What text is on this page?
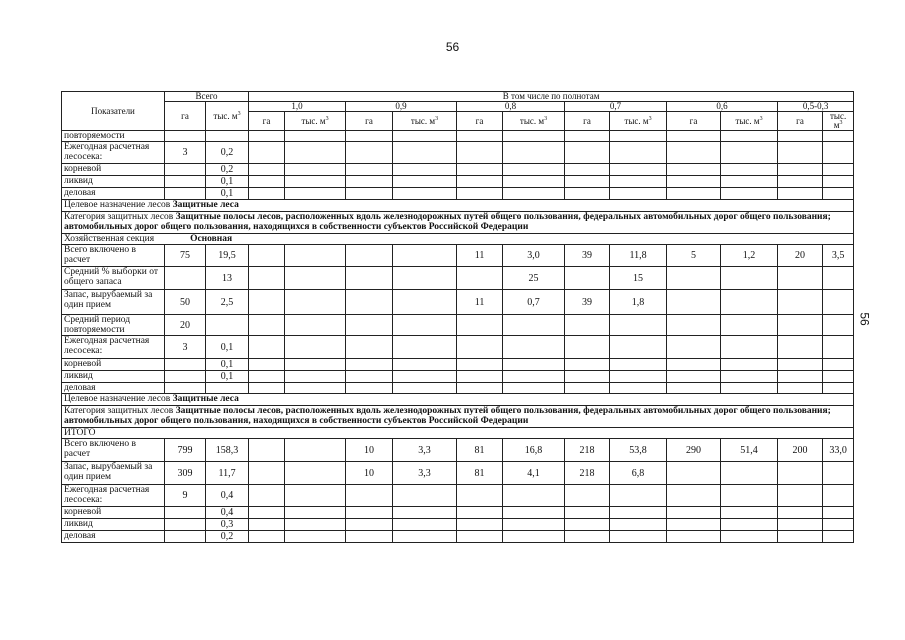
56
56
Показатели	Всего		В том числе по полнотам											
	га	тыс. $м^3$	1,0		0,9		0,8		0,7		0,6		0,5-0,3	
			га	тыс. $м^3$	га	тыс. $м^3$	га	тыс. $м^3$	га	тыс. $м^3$	га	тыс. $м^3$	га	тыс. $м^3$
повторяемости														
Ежегодная расчетная лесосека:	3	0,2												
корневой		0,2												
ликвид		0,1												
деловая		0,1												
Целевое назначение лесов Защитные леса														
Категория защитных лесов Защитные полосы лесов, расположенных вдоль железнодорожных путей общего пользования, федеральных автомобильных дорог общего пользования; автомобильных дорог общего пользования, находящихся в собственности субъектов Российской Федерации														
Хозяйственная секция Основная														
Всего включено в расчет	75	19,5					11	3,0	39	11,8	5	1,2	20	3,5
Средний % выборки от общего запаса		13						25		15				
Запас, вырубаемый за один прием	50	2,5					11	0,7	39	1,8				
Средний период повторяемости	20													
Ежегодная расчетная лесосека:	3	0,1												
корневой		0,1												
ликвид		0,1												
деловая														
Целевое назначение лесов Защитные леса														
Категория защитных лесов Защитные полосы лесов, расположенных вдоль железнодорожных путей общего пользования, федеральных автомобильных дорог общего пользования; автомобильных дорог общего пользования, находящихся в собственности субъектов Российской Федерации														
ИТОГО														
Всего включено в расчет	799	158,3			10	3,3	81	16,8	218	53,8	290	51,4	200	33,0
Запас, вырубаемый за один прием	309	11,7			10	3,3	81	4,1	218	6,8				
Ежегодная расчетная лесосека:	9	0,4												
корневой		0,4												
ликвид		0,3												
деловая		0,2												
